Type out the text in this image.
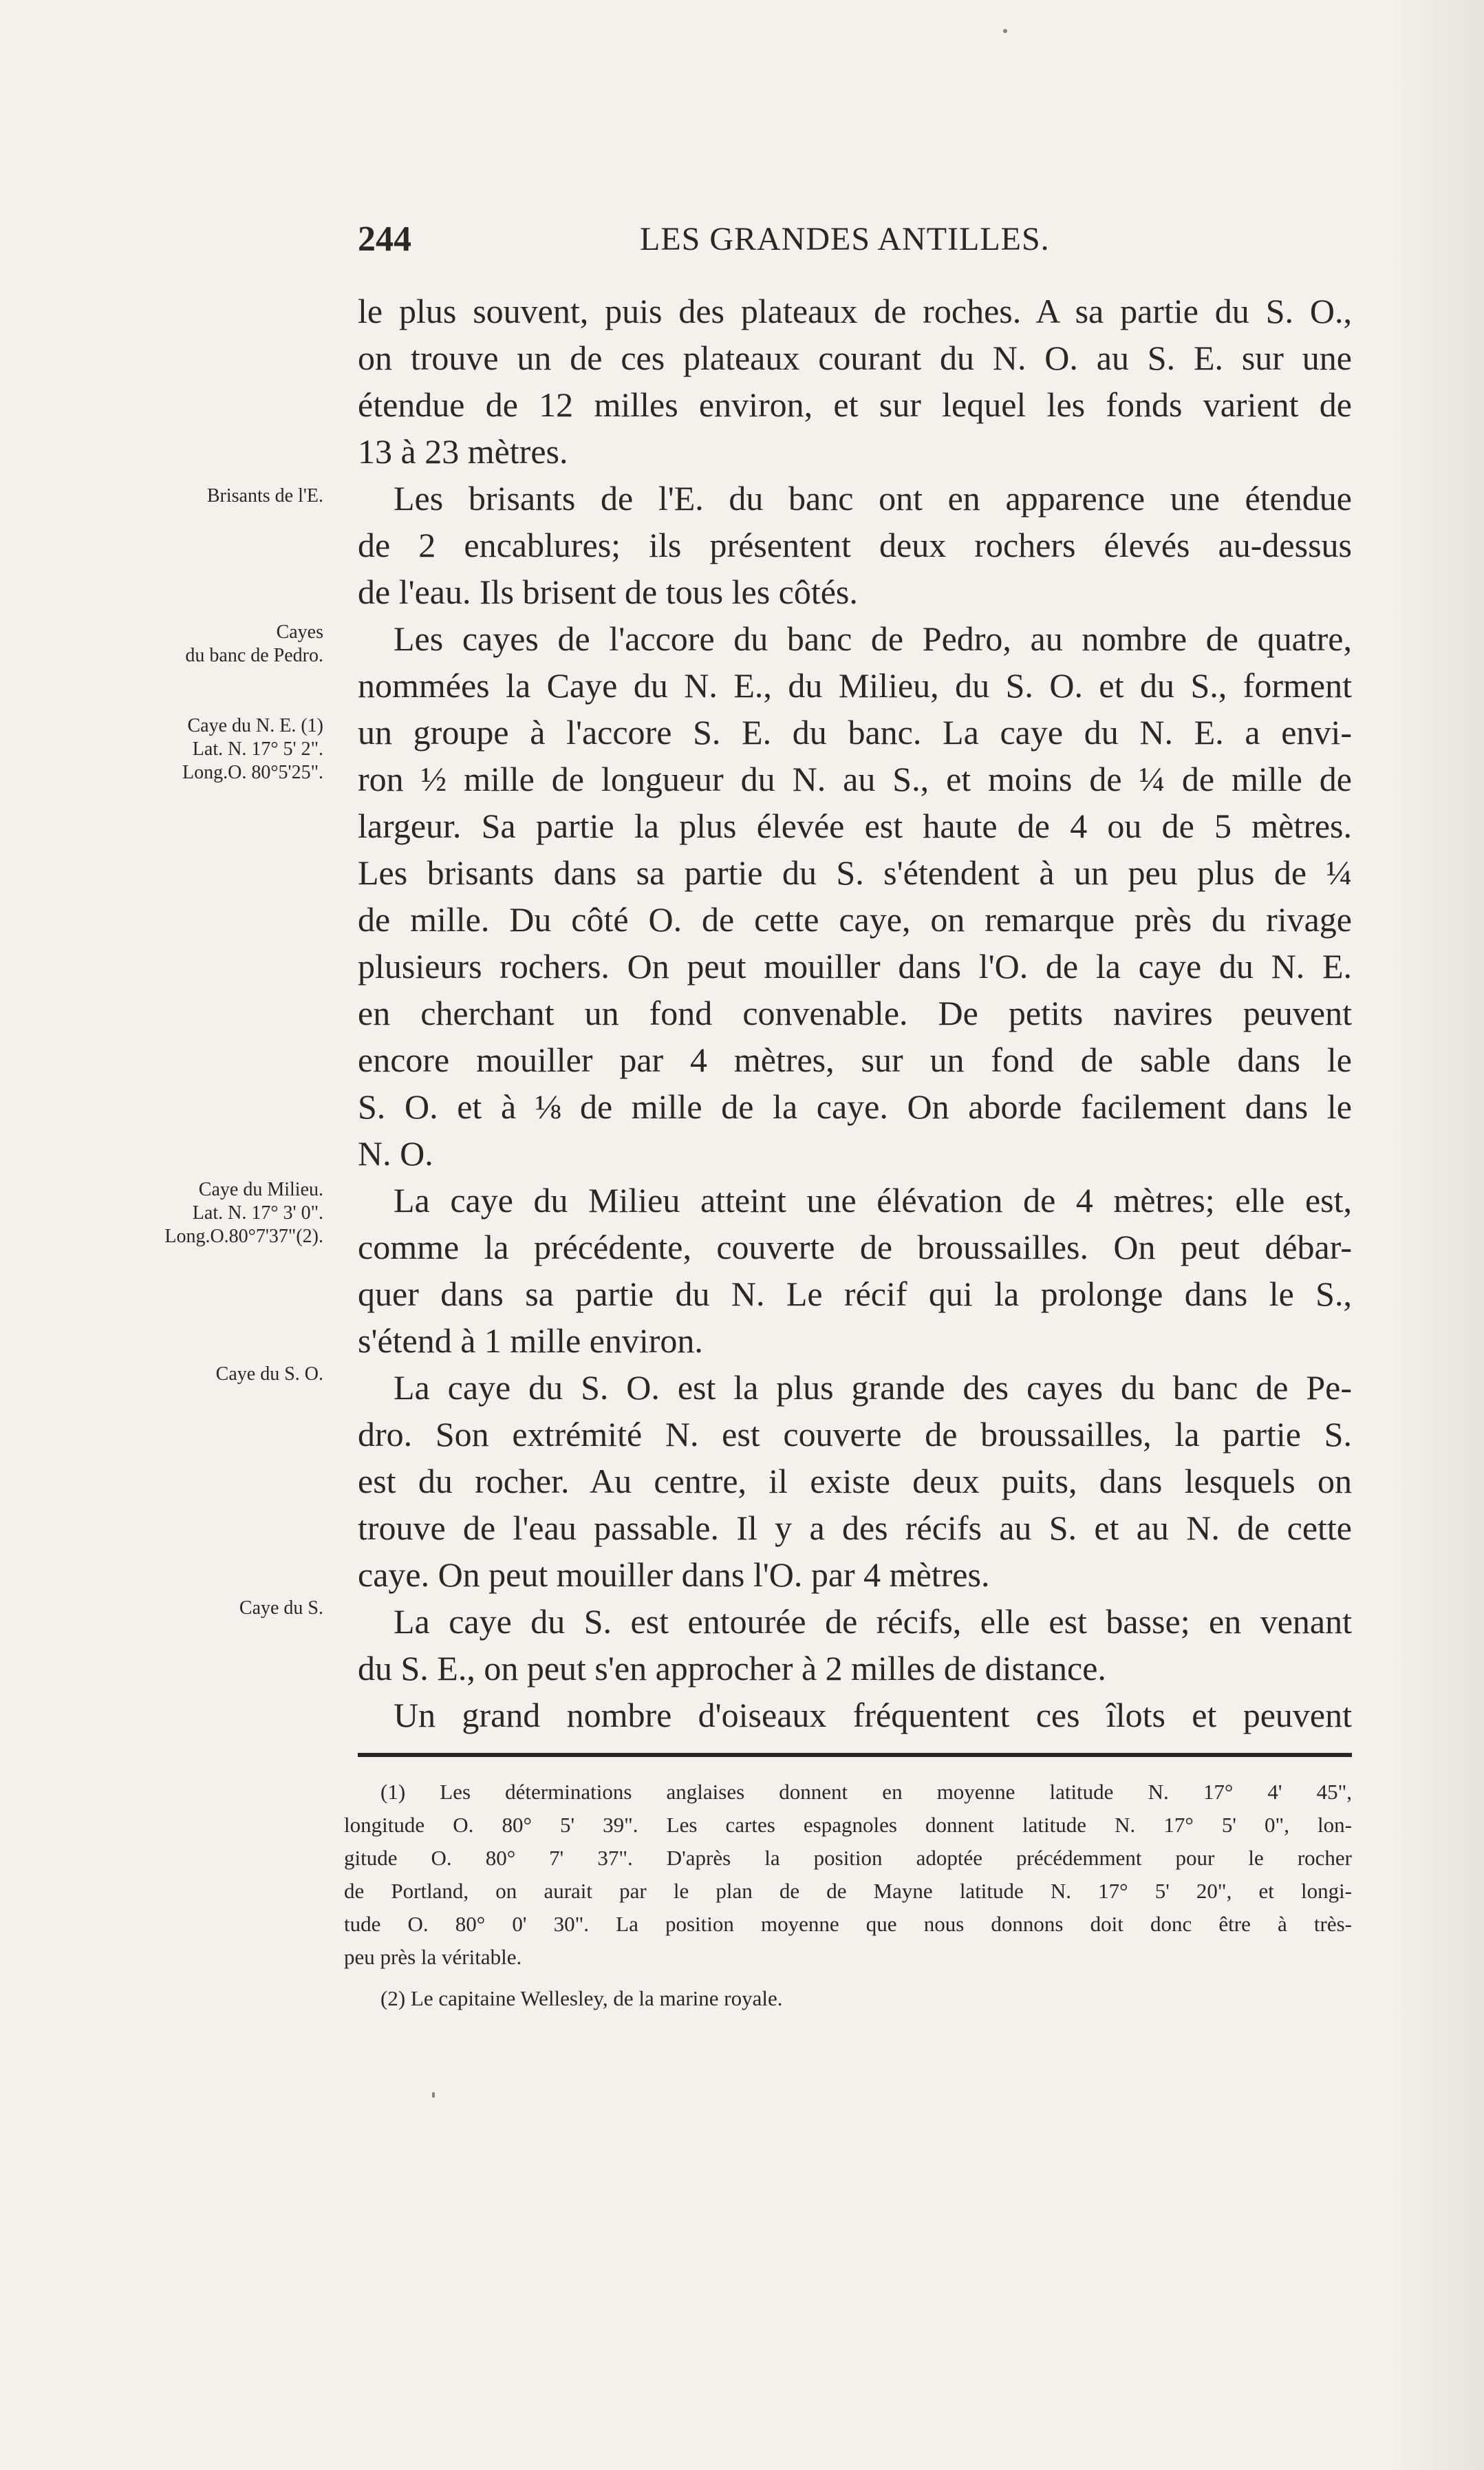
244	LES GRANDES ANTILLES.
Brisants de l'E.
Cayes
du banc de Pedro.
Caye du N. E. (1)
Lat. N. 17° 5' 2".
Long.O. 80°5'25".
Caye du Milieu.
Lat. N. 17° 3' 0".
Long.O.80°7'37"(2).
Caye du S. O.
Caye du S.
le plus souvent, puis des plateaux de roches. A sa partie du S. O.,
on trouve un de ces plateaux courant du N. O. au S. E. sur une
étendue de 12 milles environ, et sur lequel les fonds varient de
13 à 23 mètres.
Les brisants de l'E. du banc ont en apparence une étendue
de 2 encablures; ils présentent deux rochers élevés au-dessus
de l'eau. Ils brisent de tous les côtés.
Les cayes de l'accore du banc de Pedro, au nombre de quatre,
nommées la Caye du N. E., du Milieu, du S. O. et du S., forment
un groupe à l'accore S. E. du banc. La caye du N. E. a envi-
ron ½ mille de longueur du N. au S., et moins de ¼ de mille de
largeur. Sa partie la plus élevée est haute de 4 ou de 5 mètres.
Les brisants dans sa partie du S. s'étendent à un peu plus de ¼
de mille. Du côté O. de cette caye, on remarque près du rivage
plusieurs rochers. On peut mouiller dans l'O. de la caye du N. E.
en cherchant un fond convenable. De petits navires peuvent
encore mouiller par 4 mètres, sur un fond de sable dans le
S. O. et à ⅛ de mille de la caye. On aborde facilement dans le
N. O.
La caye du Milieu atteint une élévation de 4 mètres; elle est,
comme la précédente, couverte de broussailles. On peut débar-
quer dans sa partie du N. Le récif qui la prolonge dans le S.,
s'étend à 1 mille environ.
La caye du S. O. est la plus grande des cayes du banc de Pe-
dro. Son extrémité N. est couverte de broussailles, la partie S.
est du rocher. Au centre, il existe deux puits, dans lesquels on
trouve de l'eau passable. Il y a des récifs au S. et au N. de cette
caye. On peut mouiller dans l'O. par 4 mètres.
La caye du S. est entourée de récifs, elle est basse; en venant
du S. E., on peut s'en approcher à 2 milles de distance.
Un grand nombre d'oiseaux fréquentent ces îlots et peuvent
(1) Les déterminations anglaises donnent en moyenne latitude N. 17° 4' 45",
longitude O. 80° 5' 39". Les cartes espagnoles donnent latitude N. 17° 5' 0", lon-
gitude O. 80° 7' 37". D'après la position adoptée précédemment pour le rocher
de Portland, on aurait par le plan de de Mayne latitude N. 17° 5' 20", et longi-
tude O. 80° 0' 30". La position moyenne que nous donnons doit donc être à très-
peu près la véritable.
(2) Le capitaine Wellesley, de la marine royale.
